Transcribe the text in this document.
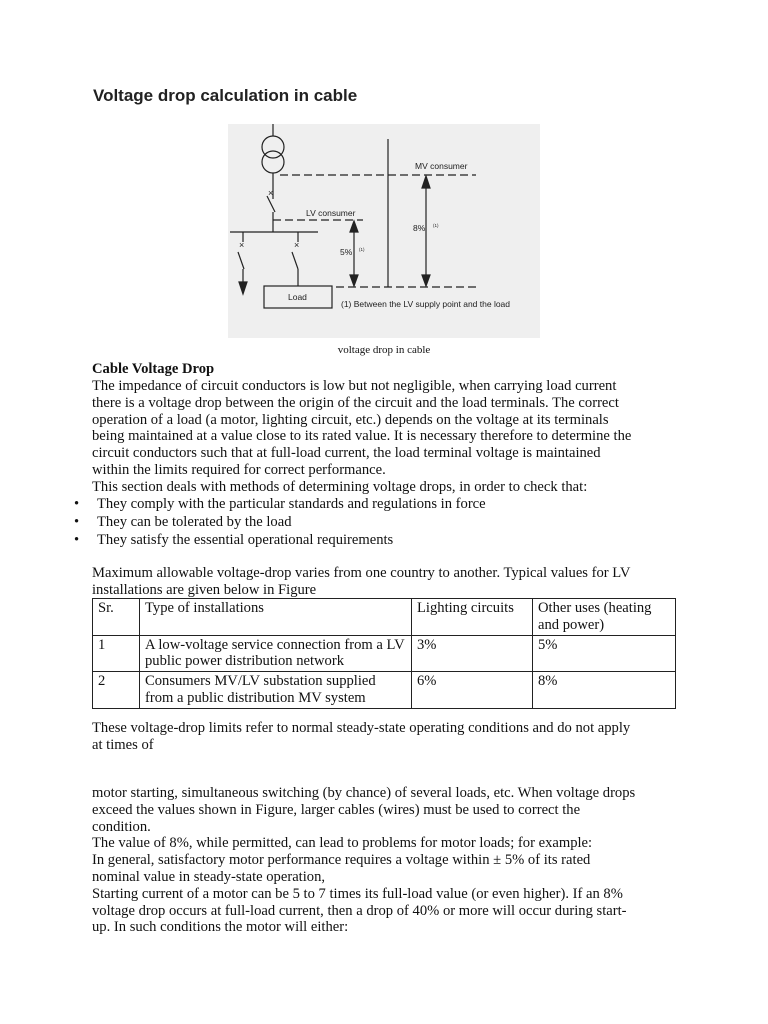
Voltage drop calculation in cable
×
×	×
MV consumer
LV consumer
8%
5%
(1)
(1)
Load
(1) Between the LV supply point and the load
voltage drop in cable
Cable Voltage Drop
The impedance of circuit conductors is low but not negligible, when carrying load current
there is a voltage drop between the origin of the circuit and the load terminals. The correct
operation of a load (a motor, lighting circuit, etc.) depends on the voltage at its terminals
being maintained at a value close to its rated value. It is necessary therefore to determine the
circuit conductors such that at full-load current, the load terminal voltage is maintained
within the limits required for correct performance.
This section deals with methods of determining voltage drops, in order to check that:
• They comply with the particular standards and regulations in force
• They can be tolerated by the load
• They satisfy the essential operational requirements
Maximum allowable voltage-drop varies from one country to another. Typical values for LV
installations are given below in Figure
Sr.	Type of installations	Lighting circuits	Other uses (heating and power)
1	A low-voltage service connection from a LV public power distribution network	3%	5%
2	Consumers MV/LV substation supplied from a public distribution MV system	6%	8%
These voltage-drop limits refer to normal steady-state operating conditions and do not apply
at times of
motor starting, simultaneous switching (by chance) of several loads, etc. When voltage drops
exceed the values shown in Figure, larger cables (wires) must be used to correct the
condition.
The value of 8%, while permitted, can lead to problems for motor loads; for example:
In general, satisfactory motor performance requires a voltage within ± 5% of its rated
nominal value in steady-state operation,
Starting current of a motor can be 5 to 7 times its full-load value (or even higher). If an 8%
voltage drop occurs at full-load current, then a drop of 40% or more will occur during start-
up. In such conditions the motor will either:
